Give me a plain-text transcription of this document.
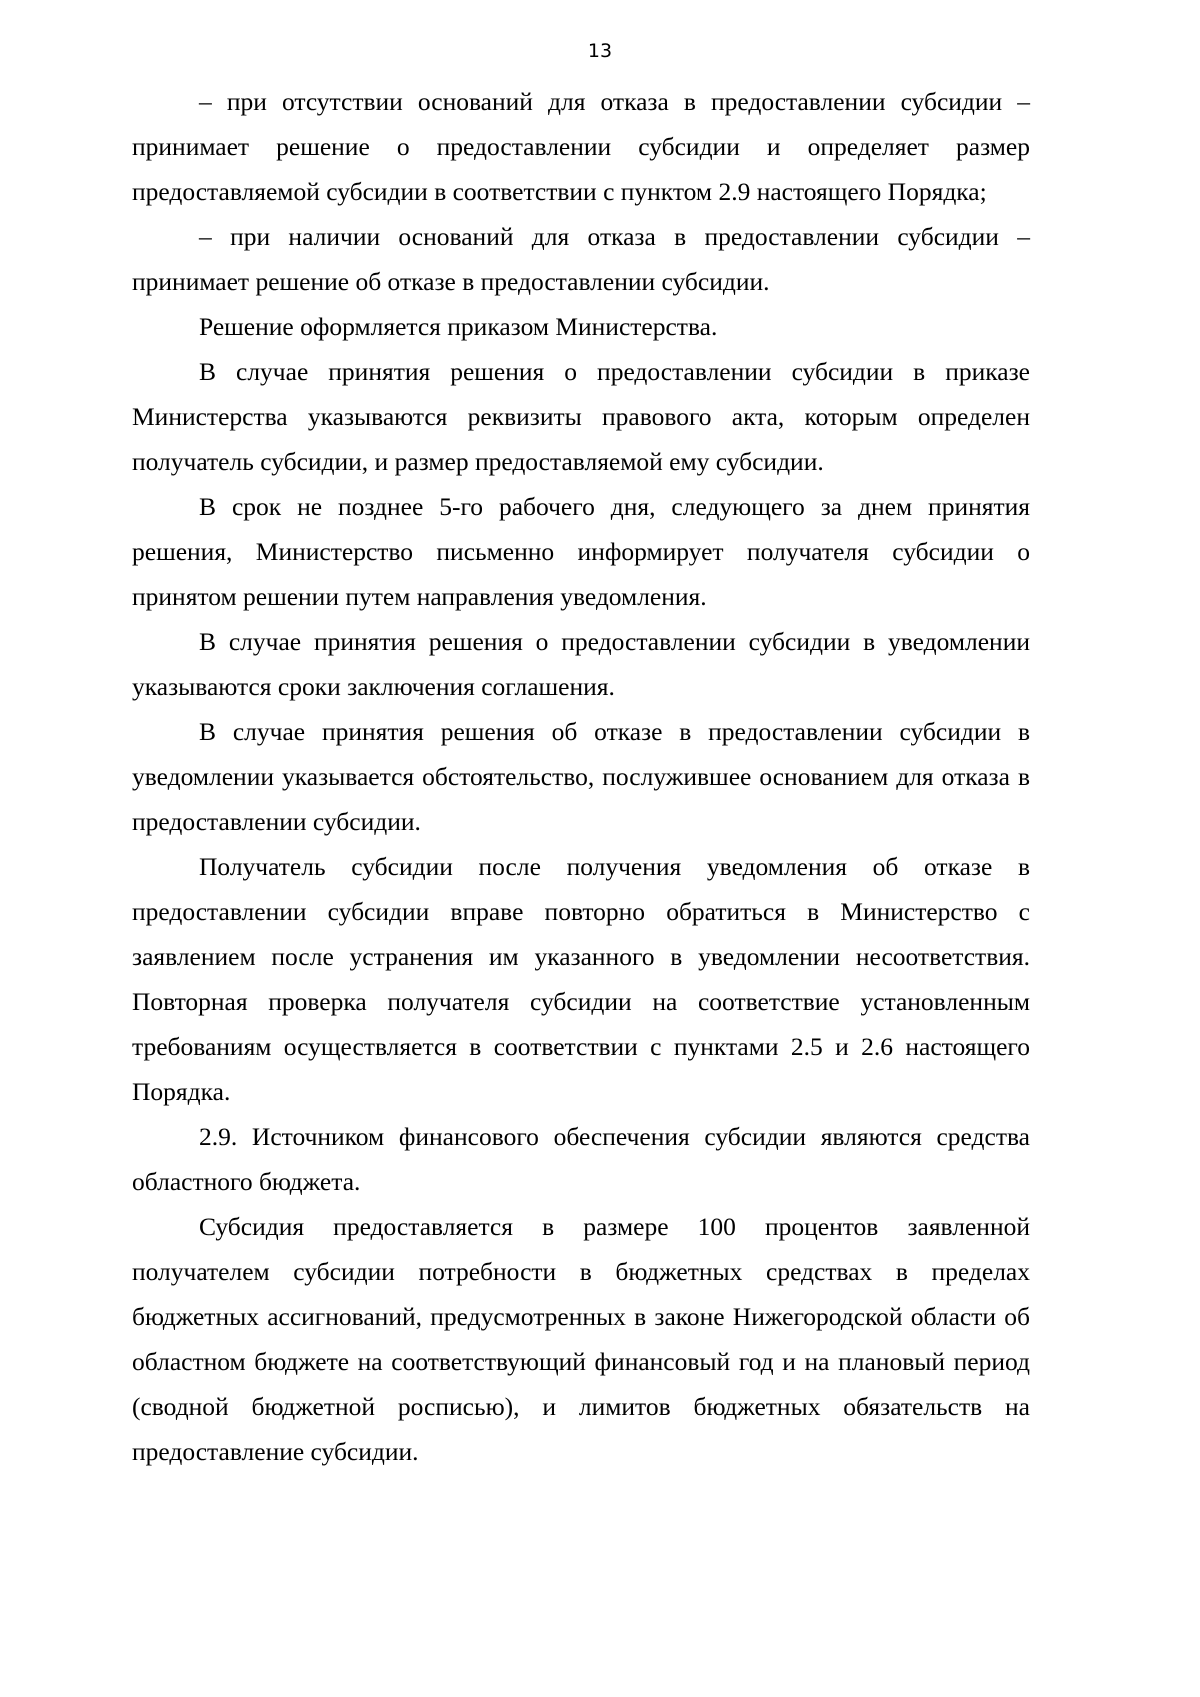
13

– при отсутствии оснований для отказа в предоставлении субсидии – принимает решение о предоставлении субсидии и определяет размер предоставляемой субсидии в соответствии с пунктом 2.9 настоящего Порядка;

– при наличии оснований для отказа в предоставлении субсидии – принимает решение об отказе в предоставлении субсидии.

Решение оформляется приказом Министерства.

В случае принятия решения о предоставлении субсидии в приказе Министерства указываются реквизиты правового акта, которым определен получатель субсидии, и размер предоставляемой ему субсидии.

В срок не позднее 5-го рабочего дня, следующего за днем принятия решения, Министерство письменно информирует получателя субсидии о принятом решении путем направления уведомления.

В случае принятия решения о предоставлении субсидии в уведомлении указываются сроки заключения соглашения.

В случае принятия решения об отказе в предоставлении субсидии в уведомлении указывается обстоятельство, послужившее основанием для отказа в предоставлении субсидии.

Получатель субсидии после получения уведомления об отказе в предоставлении субсидии вправе повторно обратиться в Министерство с заявлением после устранения им указанного в уведомлении несоответствия. Повторная проверка получателя субсидии на соответствие установленным требованиям осуществляется в соответствии с пунктами 2.5 и 2.6 настоящего Порядка.

2.9. Источником финансового обеспечения субсидии являются средства областного бюджета.

Субсидия предоставляется в размере 100 процентов заявленной получателем субсидии потребности в бюджетных средствах в пределах бюджетных ассигнований, предусмотренных в законе Нижегородской области об областном бюджете на соответствующий финансовый год и на плановый период (сводной бюджетной росписью), и лимитов бюджетных обязательств на предоставление субсидии.
